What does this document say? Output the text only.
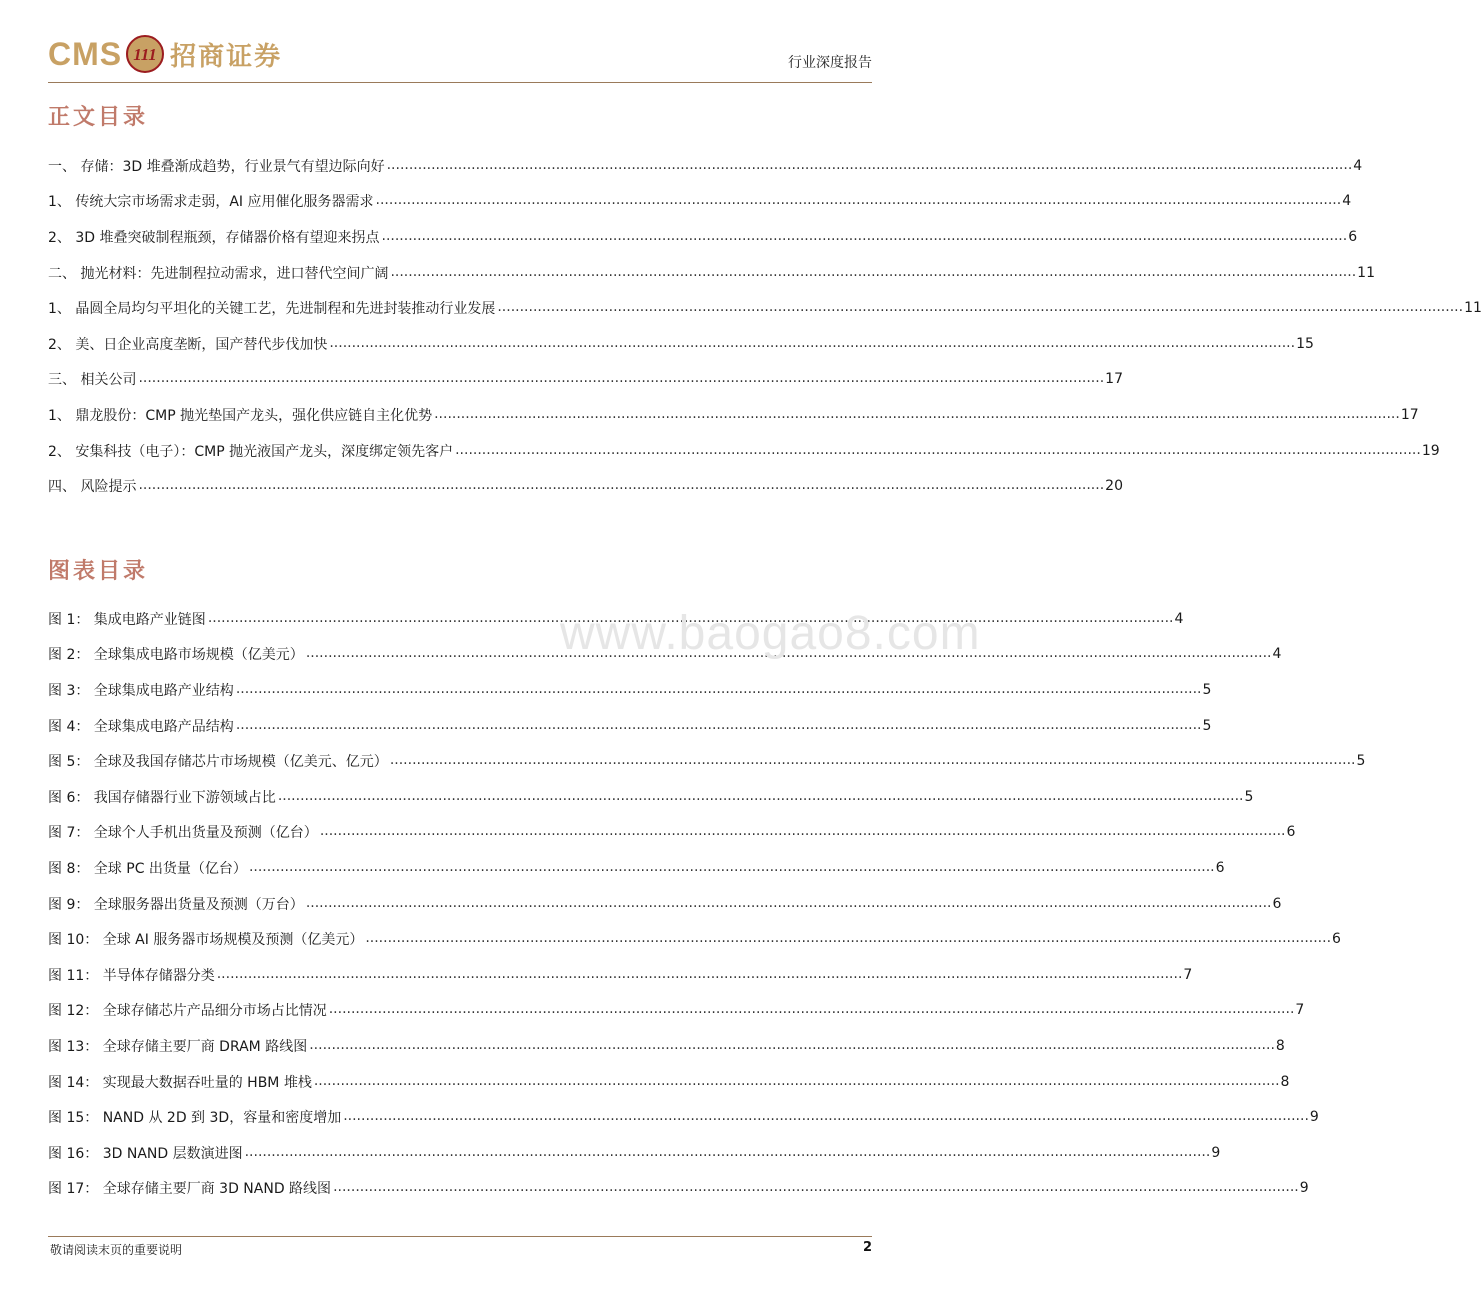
CMS 111 招商证券	行业深度报告
正文目录
一、 存储：3D 堆叠渐成趋势，行业景气有望边际向好 .....	4
1、 传统大宗市场需求走弱，AI 应用催化服务器需求 .....	4
2、 3D 堆叠突破制程瓶颈，存储器价格有望迎来拐点 .....	6
二、 抛光材料：先进制程拉动需求，进口替代空间广阔 .....	11
1、 晶圆全局均匀平坦化的关键工艺，先进制程和先进封装推动行业发展 .....	11
2、 美、日企业高度垄断，国产替代步伐加快 .....	15
三、 相关公司 .....	17
1、 鼎龙股份：CMP 抛光垫国产龙头，强化供应链自主化优势 .....	17
2、 安集科技（电子）：CMP 抛光液国产龙头，深度绑定领先客户 .....	19
四、 风险提示 .....	20
图表目录
图 1： 集成电路产业链图 .....	4
图 2： 全球集成电路市场规模（亿美元） .....	4
图 3： 全球集成电路产业结构 .....	5
图 4： 全球集成电路产品结构 .....	5
图 5： 全球及我国存储芯片市场规模（亿美元、亿元） .....	5
图 6： 我国存储器行业下游领域占比 .....	5
图 7： 全球个人手机出货量及预测（亿台） .....	6
图 8： 全球 PC 出货量（亿台） .....	6
图 9： 全球服务器出货量及预测（万台） .....	6
图 10： 全球 AI 服务器市场规模及预测（亿美元） .....	6
图 11： 半导体存储器分类 .....	7
图 12： 全球存储芯片产品细分市场占比情况 .....	7
图 13： 全球存储主要厂商 DRAM 路线图 .....	8
图 14： 实现最大数据吞吐量的 HBM 堆栈 .....	8
图 15： NAND 从 2D 到 3D，容量和密度增加 .....	9
图 16： 3D NAND 层数演进图 .....	9
图 17： 全球存储主要厂商 3D NAND 路线图 .....	9
www.baogao8.com
敬请阅读末页的重要说明	2
